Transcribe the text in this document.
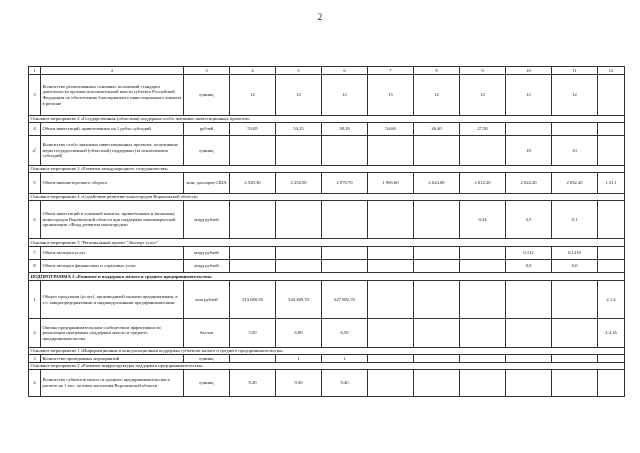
2
1	2	3	4	5	6	7	8	9	10	11	12
3	Количество реализованных основных положений стандарта деятельности органов исполнительной власти субъекта Российской Федерации по обеспечению благоприятного инвестиционного климата в регионе	единиц	12	12	12	15	12	12	12	12	
Основное мероприятие 2 «Государственная (областная) поддержка особо значимых инвестиционных проектов»											
4	Объем инвестиций, привлеченных на 1 рубль субсидий	рублей	53,85	54,25	58,39	54,68	26,40	27,50			
$4^1$	Количество особо значимых инвестиционных проектов, получивших меры государственной (областной) поддержки (за исключением субсидий)	единиц							18	23	
Основное мероприятие 3 «Развитие международного сотрудничества»											
5	Объем внешнеторгового оборота	млн. долларов США	2 520,30	2 254,50	2 070,70	1 965,60	2 624,00	2 012,20	2 022,20	2 032,20	1.31.1
Основное мероприятие 4 «Содействие развитию моногородов Воронежской области»											
6	Объем инвестиций в основной капитал, привлеченных в экономику моногородов Воронежской области при поддержке некоммерческой организации «Фонд развития моногородов»	млрд рублей						0,34	3,5	0,1	
Основное мероприятие 5 "Региональный проект "Экспорт услуг"											
7	Объем экспорта услуг	млрд рублей							0,112	0,1216	
8	Объем экспорта финансовых и страховых услуг	млрд рублей							0,0	0,0	
ПОДПРОГРАММА 2 «Развитие и поддержка малого и среднего предпринимательства»											
1	Оборот продукции (услуг), производимой малыми предприятиями, в т.ч. микропредприятиями и индивидуальными предпринимателями	млн рублей	513 669,50	544 489,70	627 892,70						2.1.4
2	Оценка предпринимательским сообществом эффективности реализации программы поддержки малого и среднего предпринимательства	баллов	5,50	6,00	6,50						2.4.16
Основное мероприятие 1 «Информационная и консультационная поддержка субъектов малого и среднего предпринимательства»											
3	Количество проведенных мероприятий	единиц		1	1						
Основное мероприятие 2 «Развитие инфраструктуры поддержки предпринимательства»											
4	Количество субъектов малого и среднего предпринимательства в расчете на 1 тыс. человек населения Воронежской области	единиц	9,20	9,30	9,40						
